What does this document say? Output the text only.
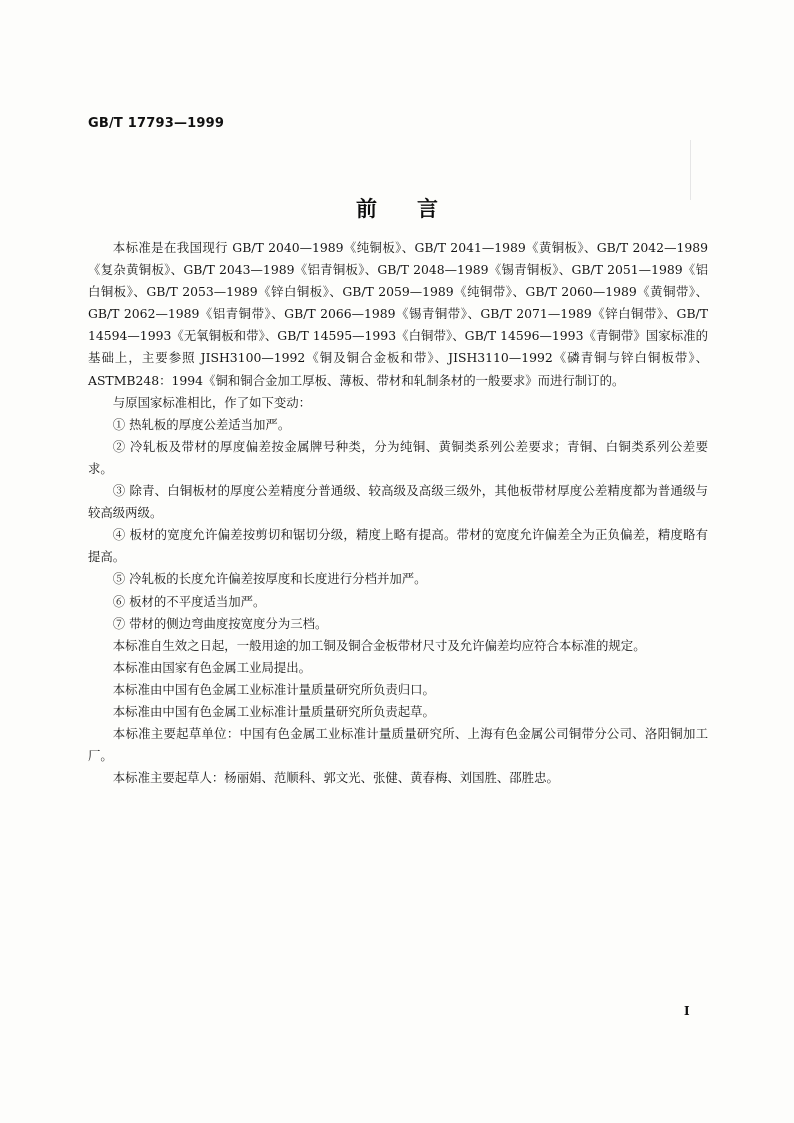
GB/T 17793—1999
前言

本标准是在我国现行 GB/T 2040—1989《纯铜板》、GB/T 2041—1989《黄铜板》、GB/T 2042—1989《复杂黄铜板》、GB/T 2043—1989《铝青铜板》、GB/T 2048—1989《锡青铜板》、GB/T 2051—1989《铝白铜板》、GB/T 2053—1989《锌白铜板》、GB/T 2059—1989《纯铜带》、GB/T 2060—1989《黄铜带》、GB/T 2062—1989《铝青铜带》、GB/T 2066—1989《锡青铜带》、GB/T 2071—1989《锌白铜带》、GB/T 14594—1993《无氧铜板和带》、GB/T 14595—1993《白铜带》、GB/T 14596—1993《青铜带》国家标准的基础上，主要参照 JISH3100—1992《铜及铜合金板和带》、JISH3110—1992《磷青铜与锌白铜板带》、ASTMB248：1994《铜和铜合金加工厚板、薄板、带材和轧制条材的一般要求》而进行制订的。

与原国家标准相比，作了如下变动：

① 热轧板的厚度公差适当加严。

② 冷轧板及带材的厚度偏差按金属牌号种类，分为纯铜、黄铜类系列公差要求；青铜、白铜类系列公差要求。

③ 除青、白铜板材的厚度公差精度分普通级、较高级及高级三级外，其他板带材厚度公差精度都为普通级与较高级两级。

④ 板材的宽度允许偏差按剪切和锯切分级，精度上略有提高。带材的宽度允许偏差全为正负偏差，精度略有提高。

⑤ 冷轧板的长度允许偏差按厚度和长度进行分档并加严。

⑥ 板材的不平度适当加严。

⑦ 带材的侧边弯曲度按宽度分为三档。

本标准自生效之日起，一般用途的加工铜及铜合金板带材尺寸及允许偏差均应符合本标准的规定。

本标准由国家有色金属工业局提出。

本标准由中国有色金属工业标准计量质量研究所负责归口。

本标准由中国有色金属工业标准计量质量研究所负责起草。

本标准主要起草单位：中国有色金属工业标准计量质量研究所、上海有色金属公司铜带分公司、洛阳铜加工厂。

本标准主要起草人：杨丽娟、范顺科、郭文光、张健、黄春梅、刘国胜、邵胜忠。

I
